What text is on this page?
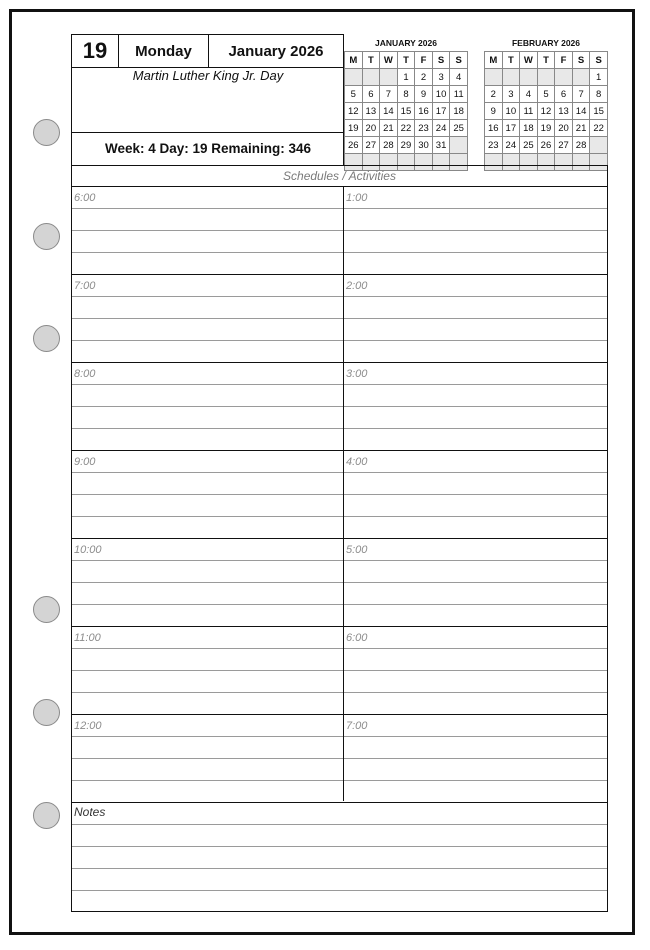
19	Monday	January 2026
Martin Luther King Jr. Day
Week: 4 Day: 19 Remaining: 346
JANUARY 2026
M	T	W	T	F	S	S
			1	2	3	4
5	6	7	8	9	10	11
12	13	14	15	16	17	18
19	20	21	22	23	24	25
26	27	28	29	30	31	

FEBRUARY 2026
M	T	W	T	F	S	S
						1
2	3	4	5	6	7	8
9	10	11	12	13	14	15
16	17	18	19	20	21	22
23	24	25	26	27	28	

Schedules / Activities
6:00	1:00
7:00	2:00
8:00	3:00
9:00	4:00
10:00	5:00
11:00	6:00
12:00	7:00
Notes
